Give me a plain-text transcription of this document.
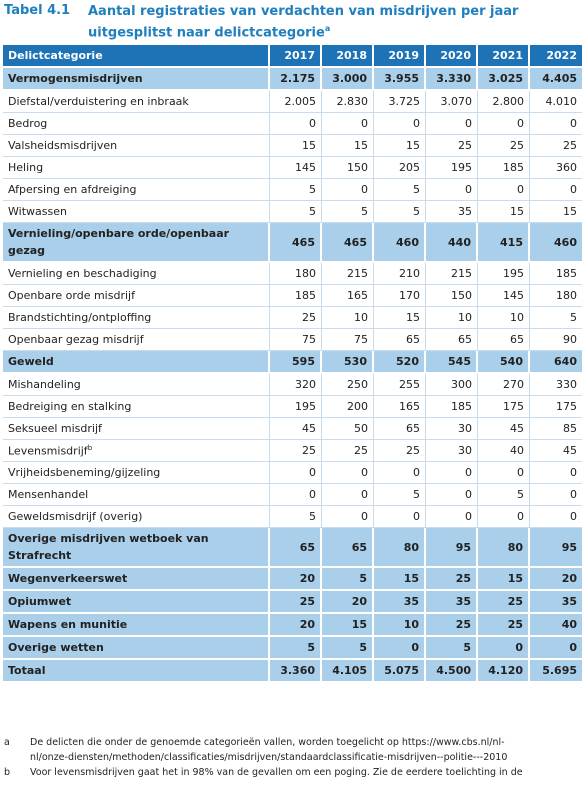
Tabel 4.1	Aantal registraties van verdachten van misdrijven per jaar uitgesplitst naar delictcategorie$^a$
Delictcategorie	2017	2018	2019	2020	2021	2022
Vermogensmisdrijven	2.175	3.000	3.955	3.330	3.025	4.405
Diefstal/verduistering en inbraak	2.005	2.830	3.725	3.070	2.800	4.010
Bedrog	0	0	0	0	0	0
Valsheidsmisdrijven	15	15	15	25	25	25
Heling	145	150	205	195	185	360
Afpersing en afdreiging	5	0	5	0	0	0
Witwassen	5	5	5	35	15	15
Vernieling/openbare orde/openbaar gezag	465	465	460	440	415	460
Vernieling en beschadiging	180	215	210	215	195	185
Openbare orde misdrijf	185	165	170	150	145	180
Brandstichting/ontploffing	25	10	15	10	10	5
Openbaar gezag misdrijf	75	75	65	65	65	90
Geweld	595	530	520	545	540	640
Mishandeling	320	250	255	300	270	330
Bedreiging en stalking	195	200	165	185	175	175
Seksueel misdrijf	45	50	65	30	45	85
Levensmisdrijf$^b$	25	25	25	30	40	45
Vrijheidsbeneming/gijzeling	0	0	0	0	0	0
Mensenhandel	0	0	5	0	5	0
Geweldsmisdrijf (overig)	5	0	0	0	0	0
Overige misdrijven wetboek van Strafrecht	65	65	80	95	80	95
Wegenverkeerswet	20	5	15	25	15	20
Opiumwet	25	20	35	35	25	35
Wapens en munitie	20	15	10	25	25	40
Overige wetten	5	5	0	5	0	0
Totaal	3.360	4.105	5.075	4.500	4.120	5.695
a	De delicten die onder de genoemde categorieën vallen, worden toegelicht op https://www.cbs.nl/nl-
nl/onze-diensten/methoden/classificaties/misdrijven/standaardclassificatie-misdrijven--politie---2010
b	Voor levensmisdrijven gaat het in 98% van de gevallen om een poging. Zie de eerdere toelichting in de
